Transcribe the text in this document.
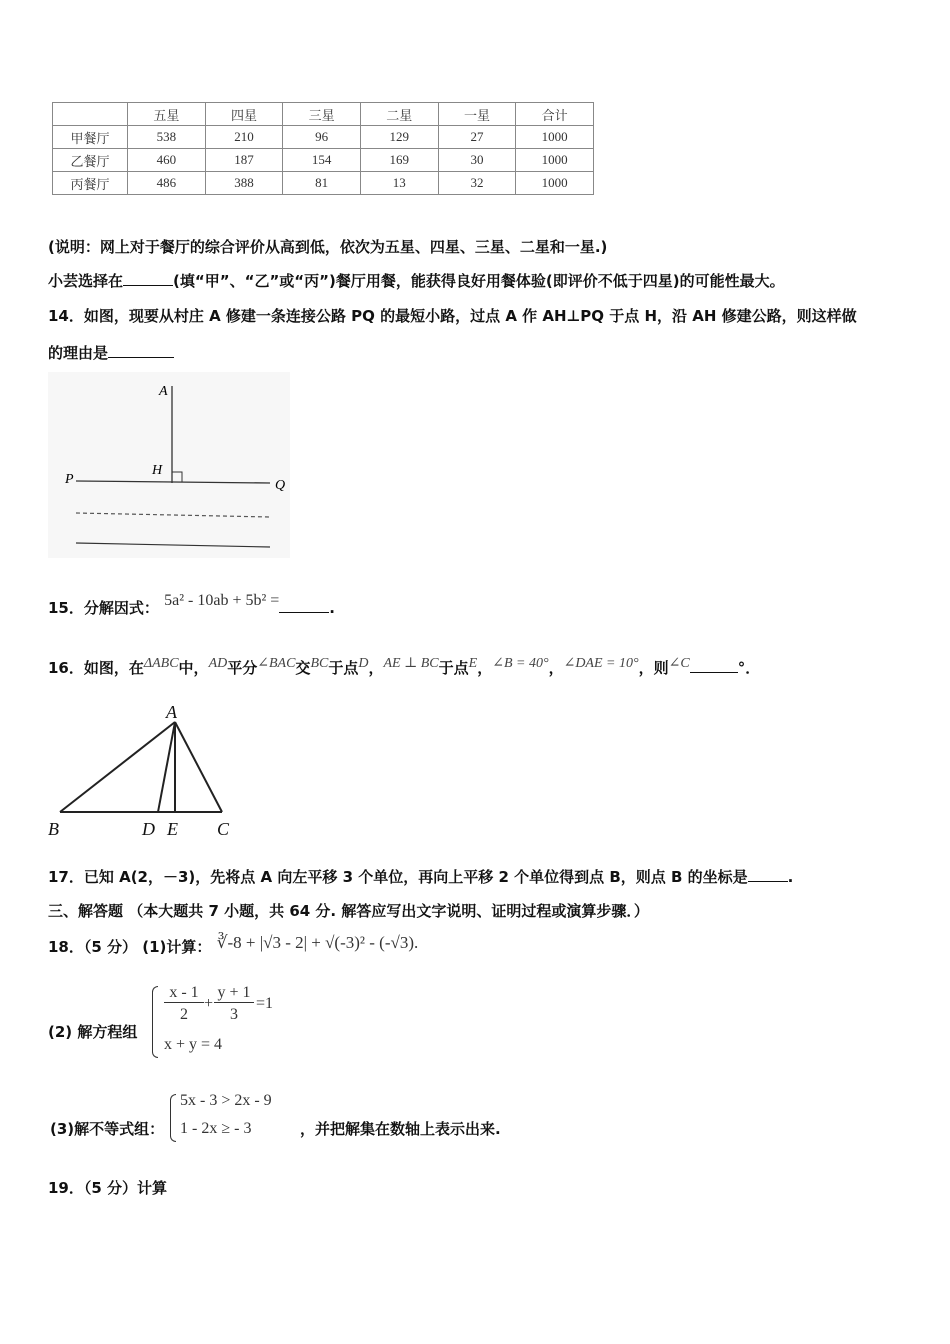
	五星	四星	三星	二星	一星	合计
甲餐厅	538	210	96	129	27	1000
乙餐厅	460	187	154	169	30	1000
丙餐厅	486	388	81	13	32	1000
(说明：网上对于餐厅的综合评价从高到低，依次为五星、四星、三星、二星和一星.)
小芸选择在	(填“甲”、“乙”或“丙”)餐厅用餐，能获得良好用餐体验(即评价不低于四星)的可能性最大。
14．如图，现要从村庄 A 修建一条连接公路 PQ 的最短小路，过点 A 作 AH⊥PQ 于点 H，沿 AH 修建公路，则这样做
的理由是
A
H
P	Q
15．分解因式： 5a² - 10ab + 5b² =	.
16．如图，在ΔABC中，AD平分∠BAC交BC于点D，AE ⊥ BC于点E，∠B = 40°，∠DAE = 10°，则∠C	°．
A
B	D E C
17．已知 A(2，－3)，先将点 A 向左平移 3 个单位，再向上平移 2 个单位得到点 B，则点 B 的坐标是	.
三、解答题 （本大题共 7 小题，共 64 分. 解答应写出文字说明、证明过程或演算步骤．）
18．（5 分） (1)计算： ∛-8 + |√3 - 2| + √(-3)² - (-√3).
(2) 解方程组
x - 1
2
+
y + 1
3
=1
x + y = 4
(3)解不等式组：
5x - 3 > 2x - 9
1 - 2x ≥ - 3	，并把解集在数轴上表示出来.
19．（5 分）计算
